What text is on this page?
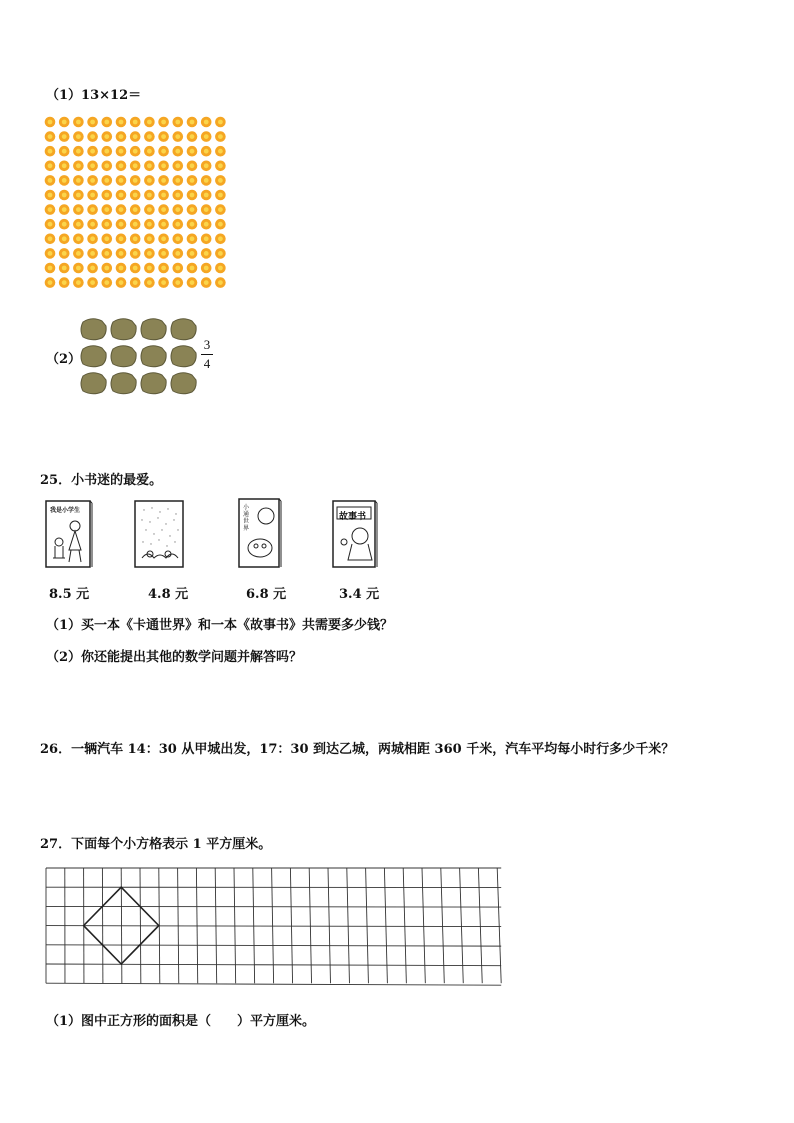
（1）13×12＝
（2）
3
4
25．小书迷的最爱。
我是小学生
8.5 元	4.8 元
小通世界
6.8 元
故事书
3.4 元
（1）买一本《卡通世界》和一本《故事书》共需要多少钱？
（2）你还能提出其他的数学问题并解答吗？
26．一辆汽车 14：30 从甲城出发，17：30 到达乙城，两城相距 360 千米，汽车平均每小时行多少千米？
27．下面每个小方格表示 1 平方厘米。
（1）图中正方形的面积是（　　）平方厘米。
